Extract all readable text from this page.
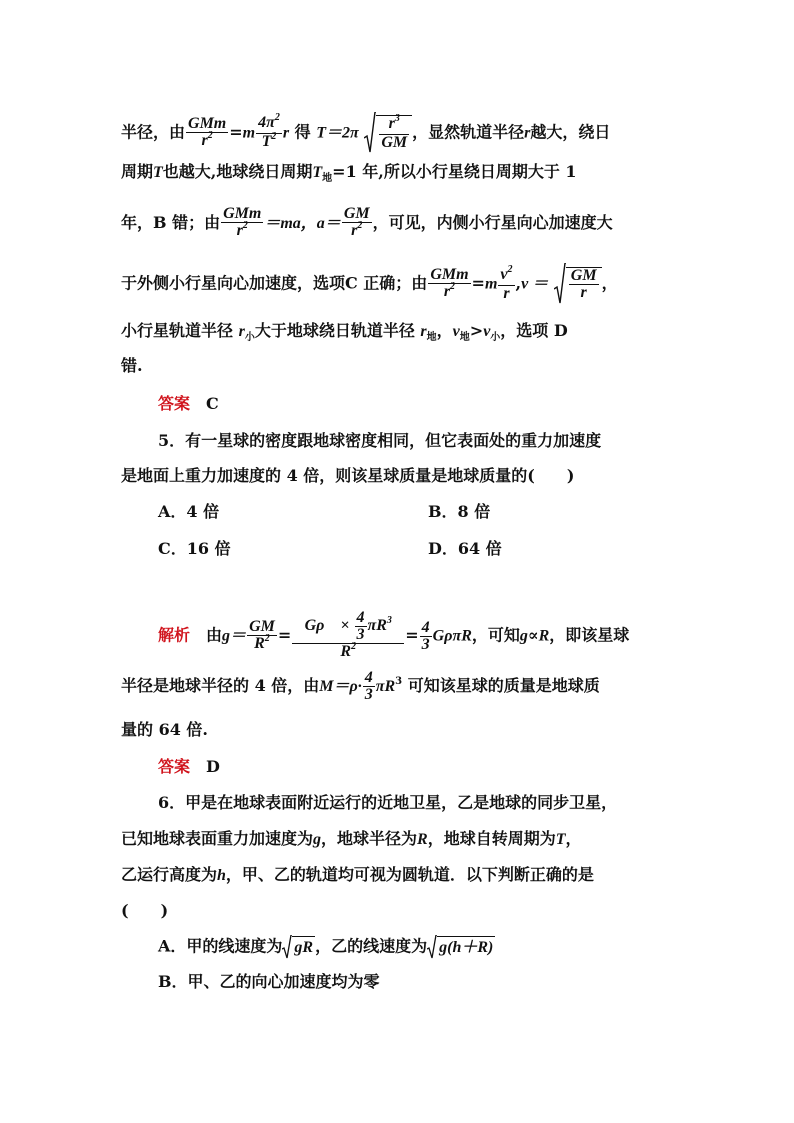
半径，由 $\frac{\text{GMm}}{r^2} =m \frac{4\pi^2}{T^2}$ r 得 $T=2\pi \frac{r^3}{GM}$ ，显然轨道半径r越大，绕日
周期T也越大,地球绕日周期$T_地=1$ 年,所以小行星绕日周期大于 1
年，B 错；由 $\frac{\text{GMm}}{r^2} =ma$，$a= \frac{GM}{r^2}$ ，可见，内侧小行星向心加速度大
于外侧小行星向心加速度，选项C 正确；由 $\frac{\text{GMm}}{r^2} =m \frac{v^2}{r} ,v = \frac{GM}{r}$ ，
小行星轨道半径 $r_小$大于地球绕日轨道半径 $r_地$，$v_地>v_小$，选项 D
错.
答案　 C
5．有一星球的密度跟地球密度相同，但它表面处的重力加速度
是地面上重力加速度的 4 倍，则该星球质量是地球质量的(　　)
A．4 倍	B．8 倍
C．16 倍	D．64 倍
解析　 由$g= \frac{GM}{R^2} = \frac{G\rho \times \frac{4}{3} \pi R^3}{R^2} = \frac{4}{3}$ GρπR，可知g∝R，即该星球
半径是地球半径的 4 倍，由$M=\rho\cdot \frac{4}{3} \pi R^3$ 可知该星球的质量是地球质
量的 64 倍.
答案　 D
6．甲是在地球表面附近运行的近地卫星，乙是地球的同步卫星，
已知地球表面重力加速度为g，地球半径为R，地球自转周期为T，
乙运行高度为h，甲、乙的轨道均可视为圆轨道．以下判断正确的是
(　　)
A．甲的线速度为 gR ，乙的线速度为 g(h＋R)
B．甲、乙的向心加速度均为零
